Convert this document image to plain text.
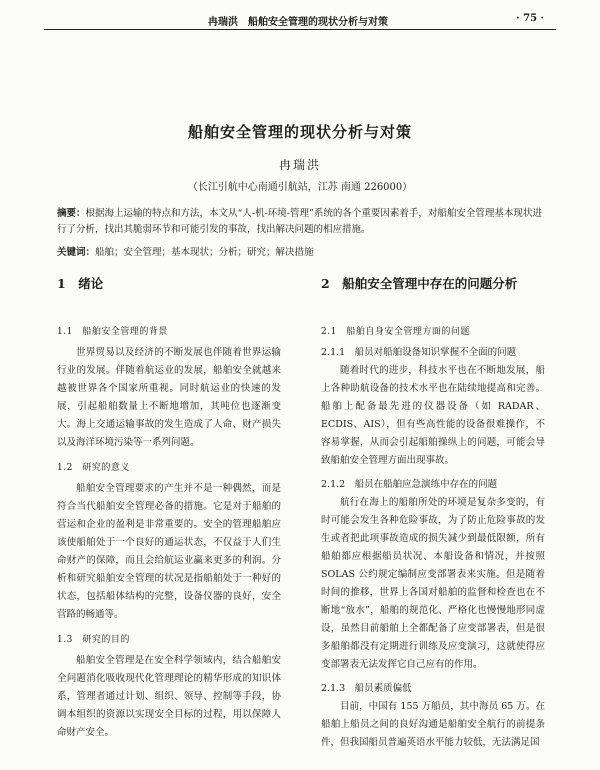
冉瑞洪　船舶安全管理的现状分析与对策	· 75 ·
船舶安全管理的现状分析与对策
冉瑞洪
（长江引航中心南通引航站，江苏 南通 226000）
摘要：根据海上运输的特点和方法，本文从“人-机-环境-管理”系统的各个重要因素着手，对船舶安全管理基本现状进行了分析，找出其脆弱环节和可能引发的事故，找出解决问题的相应措施。
关键词：船舶；安全管理；基本现状；分析；研究；解决措施
1　绪论
1.1　船舶安全管理的背景

世界贸易以及经济的不断发展也伴随着世界运输行业的发展。伴随着航运业的发展，船舶安全就越来越被世界各个国家所重视。同时航运业的快速的发展，引起船舶数量上不断地增加，其吨位也逐渐变大。海上交通运输事故的发生造成了人命、财产损失以及海洋环境污染等一系列问题。

1.2　研究的意义

船舶安全管理要求的产生并不是一种偶然，而是符合当代船舶安全管理必备的措施。它是对于船舶的营运和企业的盈利是非常重要的。安全的管理船舶应该使船舶处于一个良好的通运状态，不仅益于人们生命财产的保障，而且会给航运业赢来更多的利润。分析和研究船舶安全管理的状况是指船舶处于一种好的状态，包括船体结构的完整，设备仪器的良好，安全营路的畅通等。

1.3　研究的目的

船舶安全管理是在安全科学领域内，结合船舶安全问题消化吸收现代化管理理论的精华形成的知识体系，管理者通过计划、组织、领导、控制等手段，协调本组织的资源以实现安全目标的过程，用以保障人命财产安全。

2　船舶安全管理中存在的问题分析
2.1　船舶自身安全管理方面的问题
2.1.1　船员对船舶设备知识掌握不全面的问题

随着时代的进步，科技水平也在不断地发展，船上各种助航设备的技术水平也在陆续地提高和完善。船舶上配备最先进的仪器设备（如 RADAR、ECDIS、AIS），但有些高性能的设备很难操作，不容易掌握，从而会引起船舶操纵上的问题，可能会导致船舶安全管理方面出现事故。

2.1.2　船员在船舶应急演练中存在的问题

航行在海上的船舶所处的环境是复杂多变的，有时可能会发生各种危险事故，为了防止危险事故的发生或者把此项事故造成的损失减少到最低限额，所有船舶都应根据船员状况、本船设备和情况，并按照 SOLAS 公约规定编制应变部署表来实施。但是随着时间的推移，世界上各国对船舶的监督和检查也在不断地“放水”，船舶的规范化、严格化也慢慢地形同虚设，虽然目前船舶上全都配备了应变部署表，但是很多船舶都没有定期进行训练及应变演习，这就使得应变部署表无法发挥它自己应有的作用。

2.1.3　船员素质偏低

目前，中国有 155 万船员，其中海员 65 万。在船舶上船员之间的良好沟通是船舶安全航行的前提条件，但我国船员普遍英语水平能力较低，无法满足国
